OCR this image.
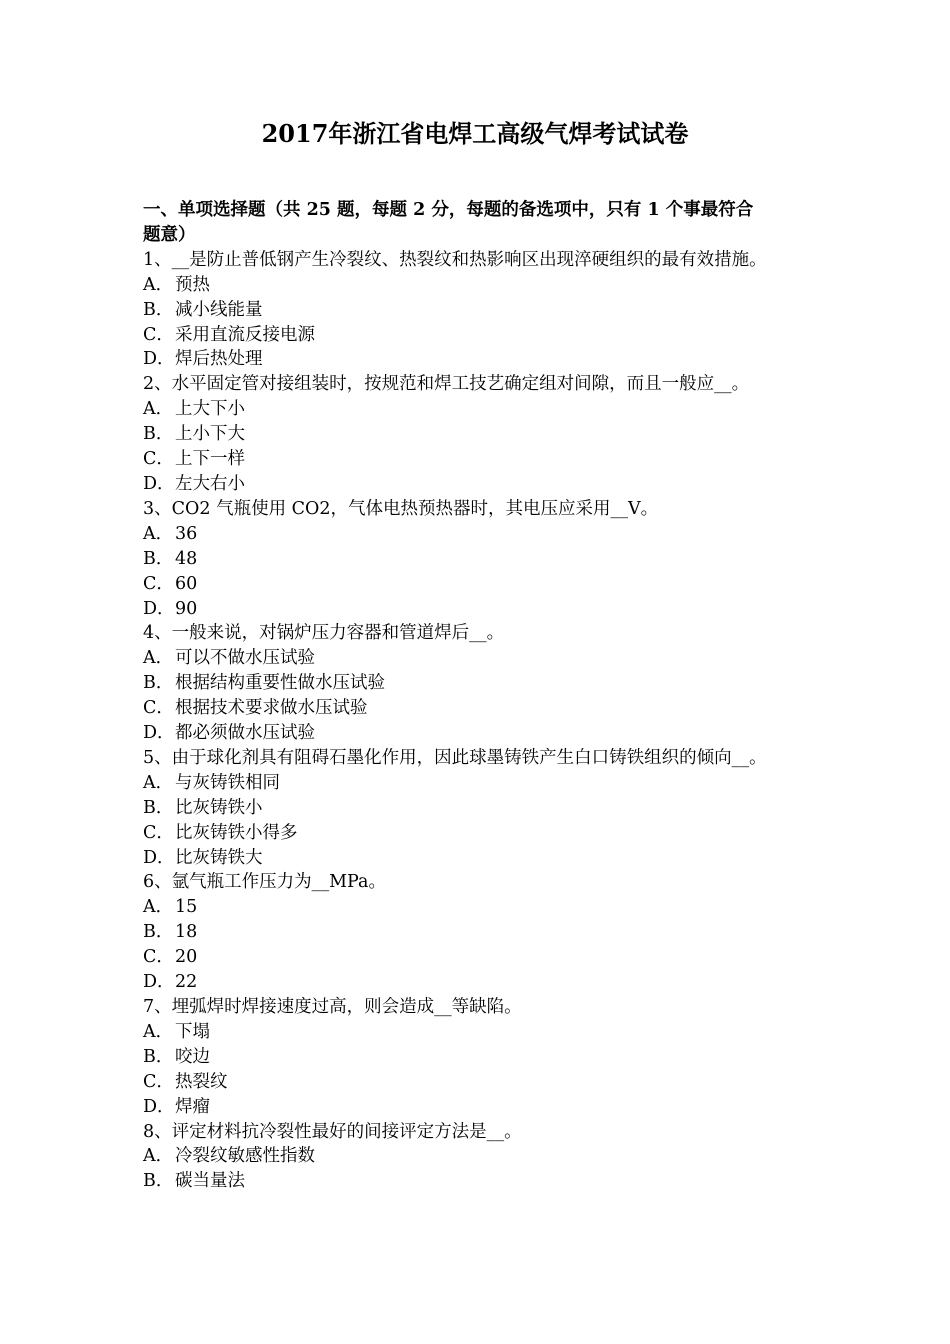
2017年浙江省电焊工高级气焊考试试卷
一、单项选择题（共 25 题，每题 2 分，每题的备选项中，只有 1 个事最符合
题意）
1、__是防止普低钢产生冷裂纹、热裂纹和热影响区出现淬硬组织的最有效措施。
A． 预热
B．减小线能量
C．采用直流反接电源
D．焊后热处理
2、水平固定管对接组装时，按规范和焊工技艺确定组对间隙，而且一般应__。
A． 上大下小
B．上小下大
C．上下一样
D．左大右小
3、CO2 气瓶使用 CO2，气体电热预热器时，其电压应采用__V。
A． 36
B．48
C．60
D．90
4、一般来说，对锅炉压力容器和管道焊后__。
A． 可以不做水压试验
B．根据结构重要性做水压试验
C．根据技术要求做水压试验
D．都必须做水压试验
5、由于球化剂具有阻碍石墨化作用，因此球墨铸铁产生白口铸铁组织的倾向__。
A． 与灰铸铁相同
B．比灰铸铁小
C．比灰铸铁小得多
D．比灰铸铁大
6、氩气瓶工作压力为__MPa。
A． 15
B．18
C．20
D．22
7、埋弧焊时焊接速度过高，则会造成__等缺陷。
A． 下塌
B．咬边
C．热裂纹
D．焊瘤
8、评定材料抗冷裂性最好的间接评定方法是__。
A． 冷裂纹敏感性指数
B．碳当量法
